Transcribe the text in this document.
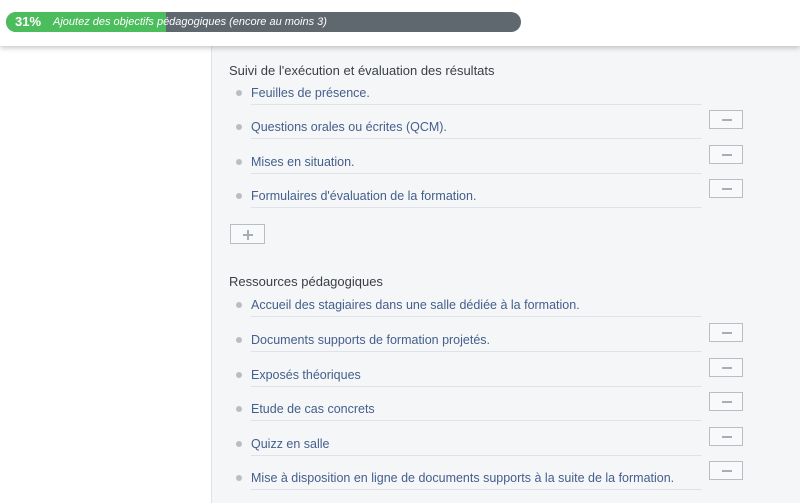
31% Ajoutez des objectifs pédagogiques (encore au moins 3)
Suivi de l'exécution et évaluation des résultats
Feuilles de présence.
Questions orales ou écrites (QCM).
Mises en situation.
Formulaires d'évaluation de la formation.
Ressources pédagogiques
Accueil des stagiaires dans une salle dédiée à la formation.
Documents supports de formation projetés.
Exposés théoriques
Etude de cas concrets
Quizz en salle
Mise à disposition en ligne de documents supports à la suite de la formation.
